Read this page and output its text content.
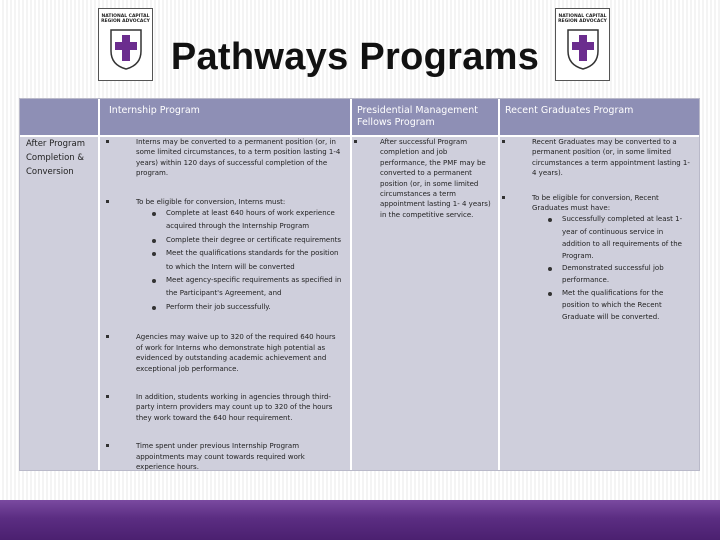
NATIONAL CAPITAL REGION ADVOCACY
NATIONAL CAPITAL REGION ADVOCACY
Pathways Programs
Internship Program	Presidential Management Fellows Program
Recent Graduates Program
After Program Completion & Conversion
Interns may be converted to a permanent position (or, in some limited circumstances, to a term position lasting 1-4 years) within 120 days of successful completion of the program.
To be eligible for conversion, Interns must:
Complete at least 640 hours of work experience acquired through the Internship Program
Complete their degree or certificate requirements
Meet the qualifications standards for the position to which the Intern will be converted
Meet agency-specific requirements as specified in the Participant's Agreement, and
Perform their job successfully.
Agencies may waive up to 320 of the required 640 hours of work for Interns who demonstrate high potential as evidenced by outstanding academic achievement and exceptional job performance.
In addition, students working in agencies through third-party intern providers may count up to 320 of the hours they work toward the 640 hour requirement.
Time spent under previous Internship Program appointments may count towards required work experience hours.
After successful Program completion and job performance, the PMF may be converted to a permanent position (or, in some limited circumstances a term appointment lasting 1- 4 years) in the competitive service.
Recent Graduates may be converted to a permanent position (or, in some limited circumstances a term appointment lasting 1-4 years).
To be eligible for conversion, Recent Graduates must have:
Successfully completed at least 1-year of continuous service in addition to all requirements of the Program.
Demonstrated successful job performance.
Met the qualifications for the position to which the Recent Graduate will be converted.
